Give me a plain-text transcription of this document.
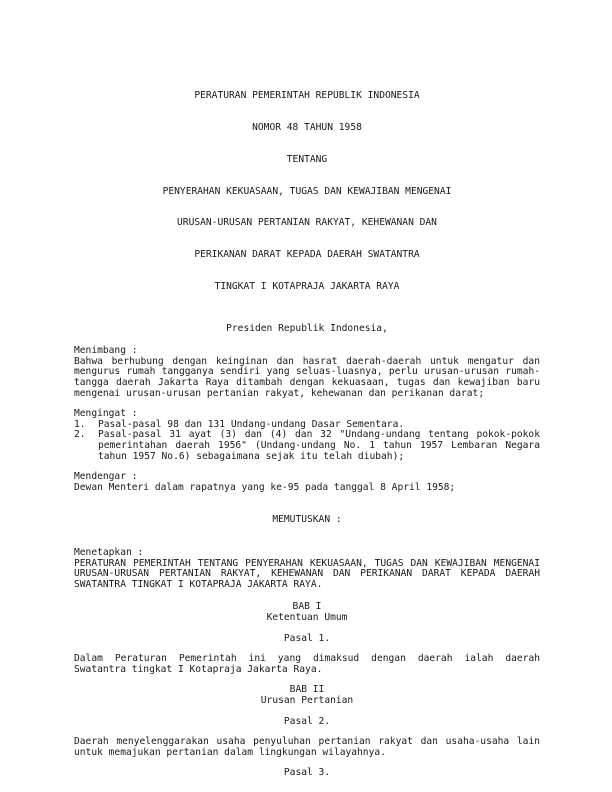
PERATURAN PEMERINTAH REPUBLIK INDONESIA

NOMOR 48 TAHUN 1958

TENTANG

PENYERAHAN KEKUASAAN, TUGAS DAN KEWAJIBAN MENGENAI

URUSAN-URUSAN PERTANIAN RAKYAT, KEHEWANAN DAN

PERIKANAN DARAT KEPADA DAERAH SWATANTRA

TINGKAT I KOTAPRAJA JAKARTA RAYA

Presiden Republik Indonesia,
Menimbang :
Bahwa berhubung dengan keinginan dan hasrat daerah-daerah untuk mengatur dan mengurus rumah tangganya sendiri yang seluas-luasnya, perlu urusan-urusan rumah-tangga daerah Jakarta Raya ditambah dengan kekuasaan, tugas dan kewajiban baru mengenai urusan-urusan pertanian rakyat, kehewanan dan perikanan darat;
Mengingat :
1.	Pasal-pasal 98 dan 131 Undang-undang Dasar Sementara.
2.	Pasal-pasal 31 ayat (3) dan (4) dan 32 "Undang-undang tentang pokok-pokok pemerintahan daerah 1956" (Undang-undang No. 1 tahun 1957 Lembaran Negara tahun 1957 No.6) sebagaimana sejak itu telah diubah);
Mendengar :
Dewan Menteri dalam rapatnya yang ke-95 pada tanggal 8 April 1958;
MEMUTUSKAN :
Menetapkan :
PERATURAN PEMERINTAH TENTANG PENYERAHAN KEKUASAAN, TUGAS DAN KEWAJIBAN MENGENAI URUSAN-URUSAN PERTANIAN RAKYAT, KEHEWANAN DAN PERIKANAN DARAT KEPADA DAERAH SWATANTRA TINGKAT I KOTAPRAJA JAKARTA RAYA.
BAB I
Ketentuan Umum
Pasal 1.
Dalam Peraturan Pemerintah ini yang dimaksud dengan daerah ialah daerah Swatantra tingkat I Kotapraja Jakarta Raya.
BAB II
Urusan Pertanian
Pasal 2.
Daerah menyelenggarakan usaha penyuluhan pertanian rakyat dan usaha-usaha lain untuk memajukan pertanian dalam lingkungan wilayahnya.
Pasal 3.
